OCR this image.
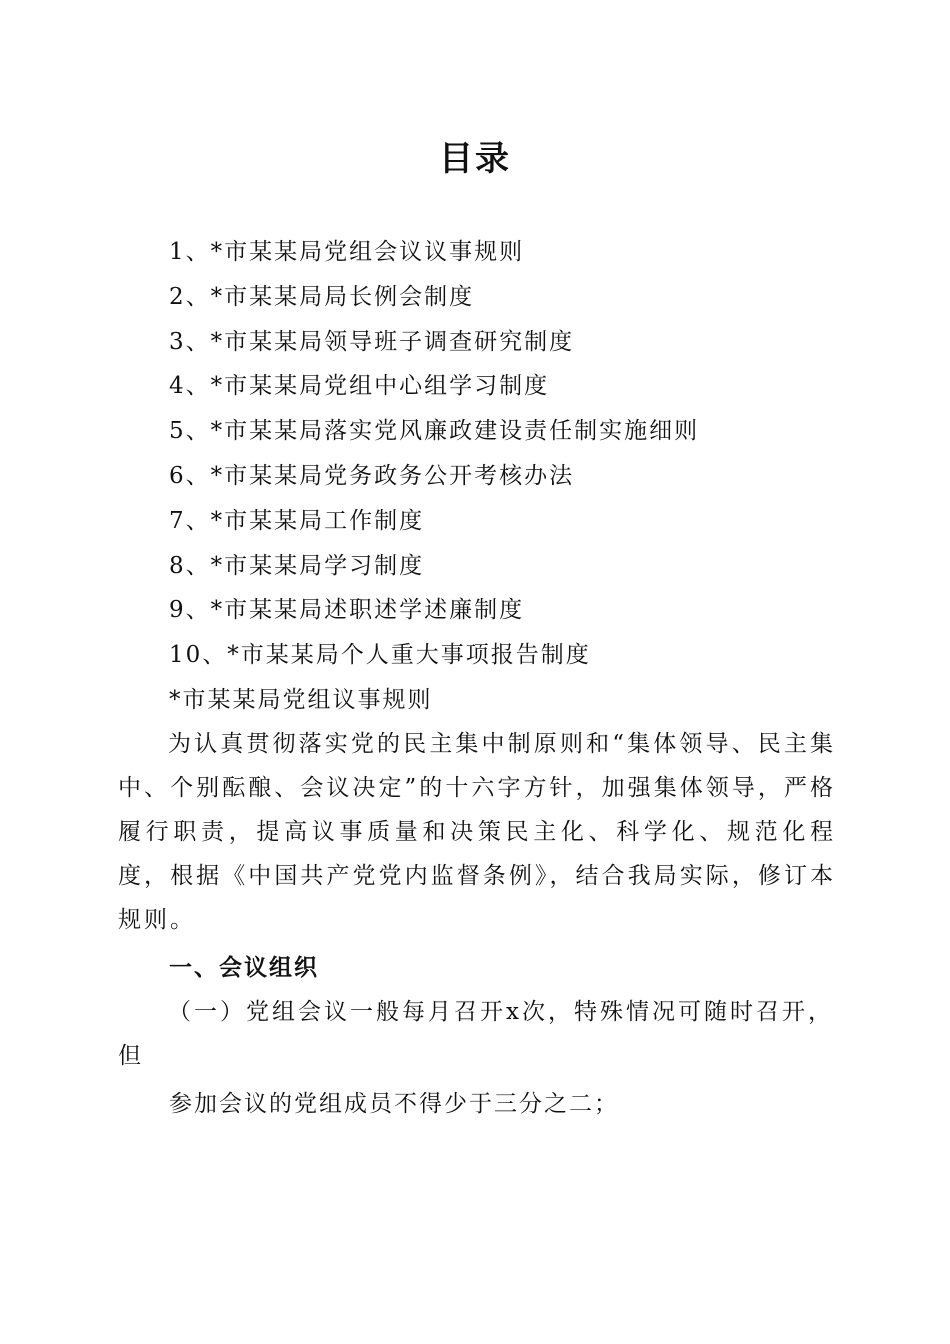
目录
1、*市某某局党组会议议事规则
2、*市某某局局长例会制度
3、*市某某局领导班子调查研究制度
4、*市某某局党组中心组学习制度
5、*市某某局落实党风廉政建设责任制实施细则
6、*市某某局党务政务公开考核办法
7、*市某某局工作制度
8、*市某某局学习制度
9、*市某某局述职述学述廉制度
10、*市某某局个人重大事项报告制度
*市某某局党组议事规则

为认真贯彻落实党的民主集中制原则和“集体领导、民主集中、个别酝酿、会议决定”的十六字方针，加强集体领导，严格履行职责，提高议事质量和决策民主化、科学化、规范化程度，根据《中国共产党党内监督条例》，结合我局实际，修订本规则。

一、会议组织

（一）党组会议一般每月召开x次，特殊情况可随时召开，但

参加会议的党组成员不得少于三分之二；
